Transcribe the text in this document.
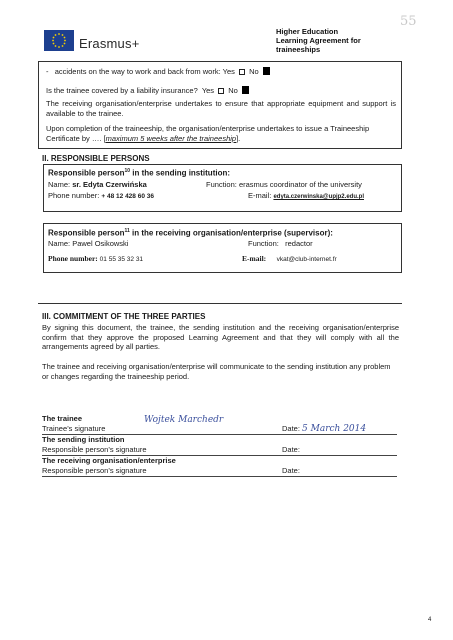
Erasmus+
Higher Education
Learning Agreement for
traineeships
55
- accidents on the way to work and back from work: Yes No
Is the trainee covered by a liability insurance? Yes No
The receiving organisation/enterprise undertakes to ensure that appropriate equipment and support is available to the trainee.
Upon completion of the traineeship, the organisation/enterprise undertakes to issue a Traineeship Certificate by …. [maximum 5 weeks after the traineeship].
II. RESPONSIBLE PERSONS
Responsible person$^{10}$ in the sending institution:
Name: sr. Edyta Czerwińska	Function: erasmus coordinator of the university
Phone number: + 48 12 428 60 36	E-mail: edyta.czerwinska@upjp2.edu.pl
Responsible person$^{11}$ in the receiving organisation/enterprise (supervisor):
Name: Pawel Osikowski	Function: redactor
Phone number: 01 55 35 32 31	E-mail: vkat@club-internet.fr
III. COMMITMENT OF THE THREE PARTIES
By signing this document, the trainee, the sending institution and the receiving organisation/enterprise confirm that they approve the proposed Learning Agreement and that they will comply with all the arrangements agreed by all parties.
The trainee and receiving organisation/enterprise will communicate to the sending institution any problem or changes regarding the traineeship period.
The trainee
Trainee’s signature
Wojtek Marchedr
Date: 5 March 2014
The sending institution
Responsible person’s signature	Date:
The receiving organisation/enterprise
Responsible person’s signature	Date:
4
